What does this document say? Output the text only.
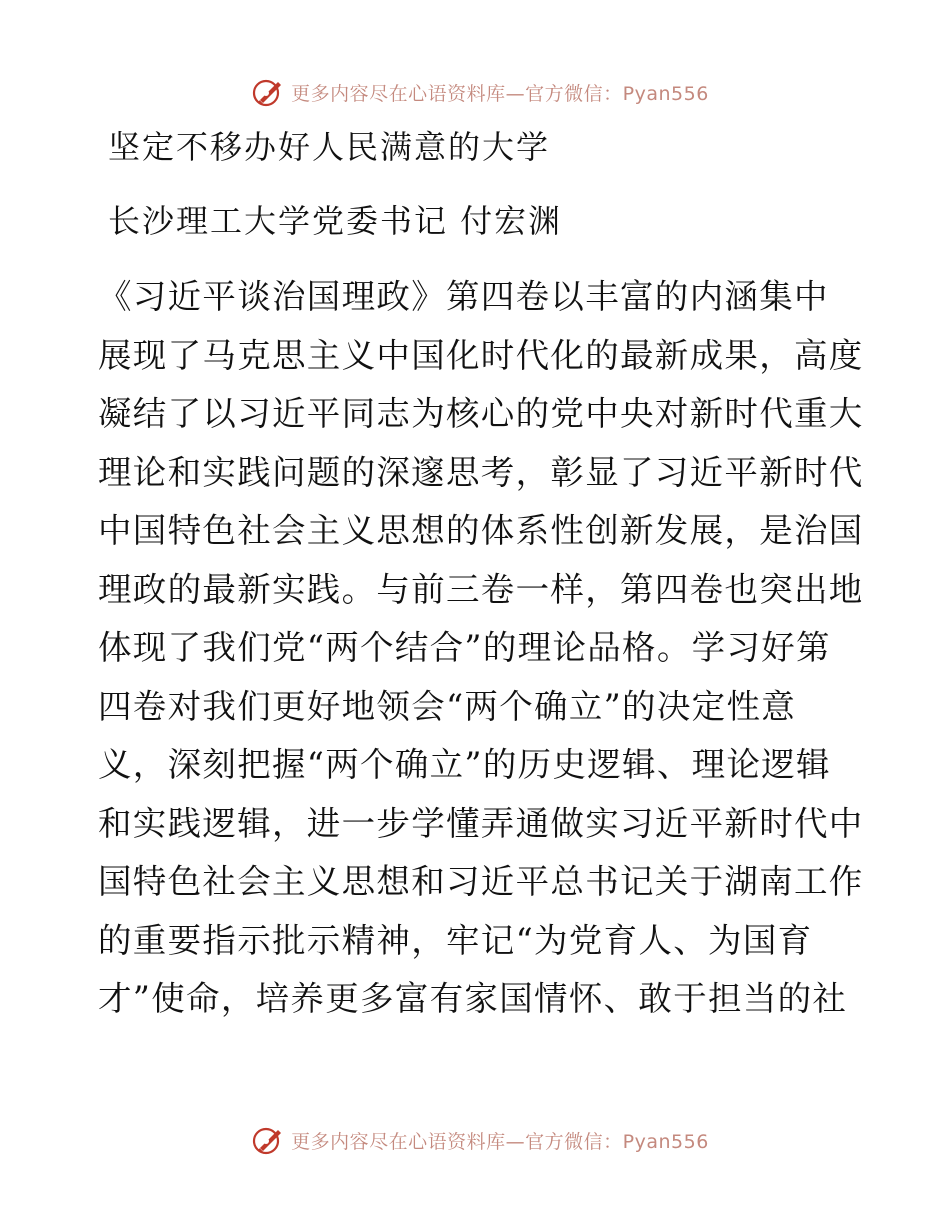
更多内容尽在心语资料库—官方微信：Pyan556
坚定不移办好人民满意的大学
长沙理工大学党委书记 付宏渊
《习近平谈治国理政》第四卷以丰富的内涵集中
展现了马克思主义中国化时代化的最新成果，高度
凝结了以习近平同志为核心的党中央对新时代重大
理论和实践问题的深邃思考，彰显了习近平新时代
中国特色社会主义思想的体系性创新发展，是治国
理政的最新实践。与前三卷一样，第四卷也突出地
体现了我们党“两个结合”的理论品格。学习好第
四卷对我们更好地领会“两个确立”的决定性意
义，深刻把握“两个确立”的历史逻辑、理论逻辑
和实践逻辑，进一步学懂弄通做实习近平新时代中
国特色社会主义思想和习近平总书记关于湖南工作
的重要指示批示精神，牢记“为党育人、为国育
才”使命，培养更多富有家国情怀、敢于担当的社
更多内容尽在心语资料库—官方微信：Pyan556
